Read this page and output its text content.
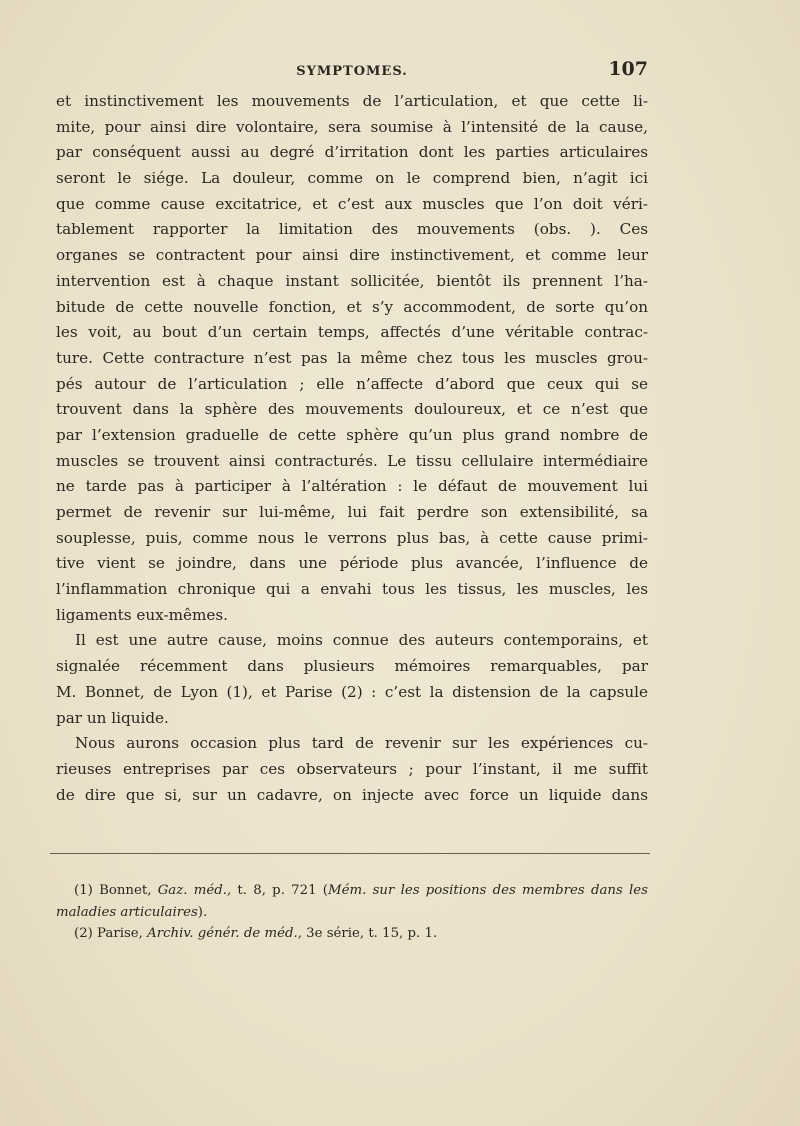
SYMPTOMES.	107
et instinctivement les mouvements de l’articulation, et que cette li-
mite, pour ainsi dire volontaire, sera soumise à l’intensité de la cause,
par conséquent aussi au degré d’irritation dont les parties articulaires
seront le siége. La douleur, comme on le comprend bien, n’agit ici
que comme cause excitatrice, et c’est aux muscles que l’on doit véri-
tablement rapporter la limitation des mouvements (obs. ). Ces
organes se contractent pour ainsi dire instinctivement, et comme leur
intervention est à chaque instant sollicitée, bientôt ils prennent l’ha-
bitude de cette nouvelle fonction, et s’y accommodent, de sorte qu’on
les voit, au bout d’un certain temps, affectés d’une véritable contrac-
ture. Cette contracture n’est pas la même chez tous les muscles grou-
pés autour de l’articulation ; elle n’affecte d’abord que ceux qui se
trouvent dans la sphère des mouvements douloureux, et ce n’est que
par l’extension graduelle de cette sphère qu’un plus grand nombre de
muscles se trouvent ainsi contracturés. Le tissu cellulaire intermédiaire
ne tarde pas à participer à l’altération : le défaut de mouvement lui
permet de revenir sur lui-même, lui fait perdre son extensibilité, sa
souplesse, puis, comme nous le verrons plus bas, à cette cause primi-
tive vient se joindre, dans une période plus avancée, l’influence de
l’inflammation chronique qui a envahi tous les tissus, les muscles, les
ligaments eux-mêmes.
Il est une autre cause, moins connue des auteurs contemporains, et
signalée récemment dans plusieurs mémoires remarquables, par
M. Bonnet, de Lyon (1), et Parise (2) : c’est la distension de la capsule
par un liquide.
Nous aurons occasion plus tard de revenir sur les expériences cu-
rieuses entreprises par ces observateurs ; pour l’instant, il me suffit
de dire que si, sur un cadavre, on injecte avec force un liquide dans
(1) Bonnet, Gaz. méd., t. 8, p. 721 (Mém. sur les positions des membres dans les
maladies articulaires).
(2) Parise, Archiv. génér. de méd., 3e série, t. 15, p. 1.
